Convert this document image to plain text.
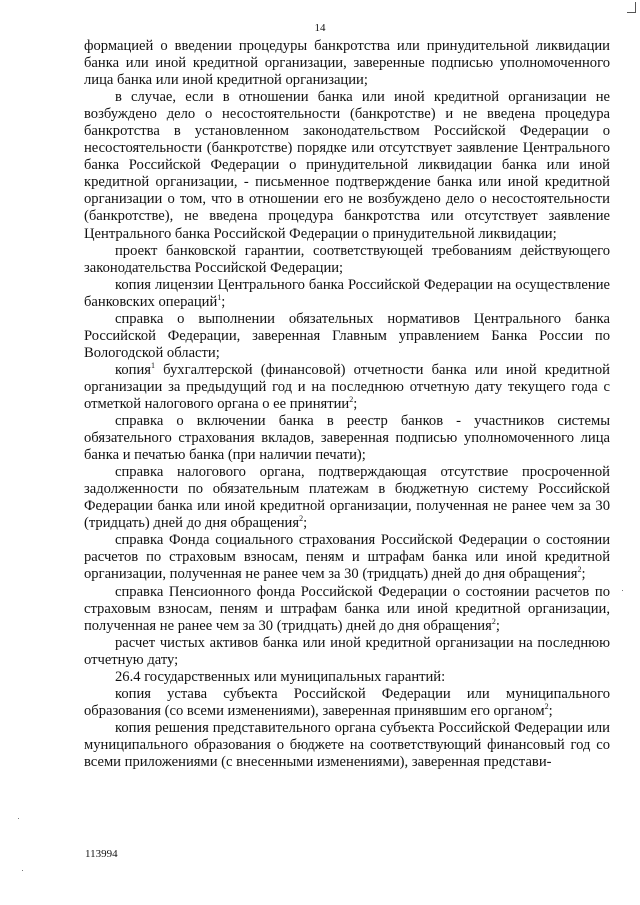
14

формацией о введении процедуры банкротства или принудительной ликвидации банка или иной кредитной организации, заверенные подписью уполномоченного лица банка или иной кредитной организации;

в случае, если в отношении банка или иной кредитной организации не возбуждено дело о несостоятельности (банкротстве) и не введена процедура банкротства в установленном законодательством Российской Федерации о несостоятельности (банкротстве) порядке или отсутствует заявление Центрального банка Российской Федерации о принудительной ликвидации банка или иной кредитной организации, - письменное подтверждение банка или иной кредитной организации о том, что в отношении его не возбуждено дело о несостоятельности (банкротстве), не введена процедура банкротства или отсутствует заявление Центрального банка Российской Федерации о принудительной ликвидации;

проект банковской гарантии, соответствующей требованиям действующего законодательства Российской Федерации;

копия лицензии Центрального банка Российской Федерации на осуществление банковских операций$^1$;

справка о выполнении обязательных нормативов Центрального банка Российской Федерации, заверенная Главным управлением Банка России по Вологодской области;

копия$^1$ бухгалтерской (финансовой) отчетности банка или иной кредитной организации за предыдущий год и на последнюю отчетную дату текущего года с отметкой налогового органа о ее принятии$^2$;

справка о включении банка в реестр банков - участников системы обязательного страхования вкладов, заверенная подписью уполномоченного лица банка и печатью банка (при наличии печати);

справка налогового органа, подтверждающая отсутствие просроченной задолженности по обязательным платежам в бюджетную систему Российской Федерации банка или иной кредитной организации, полученная не ранее чем за 30 (тридцать) дней до дня обращения$^2$;

справка Фонда социального страхования Российской Федерации о состоянии расчетов по страховым взносам, пеням и штрафам банка или иной кредитной организации, полученная не ранее чем за 30 (тридцать) дней до дня обращения$^2$;

справка Пенсионного фонда Российской Федерации о состоянии расчетов по страховым взносам, пеням и штрафам банка или иной кредитной организации, полученная не ранее чем за 30 (тридцать) дней до дня обращения$^2$;

расчет чистых активов банка или иной кредитной организации на последнюю отчетную дату;

26.4 государственных или муниципальных гарантий:

копия устава субъекта Российской Федерации или муниципального образования (со всеми изменениями), заверенная принявшим его органом$^2$;

копия решения представительного органа субъекта Российской Федерации или муниципального образования о бюджете на соответствующий финансовый год со всеми приложениями (с внесенными изменениями), заверенная представи-

113994
